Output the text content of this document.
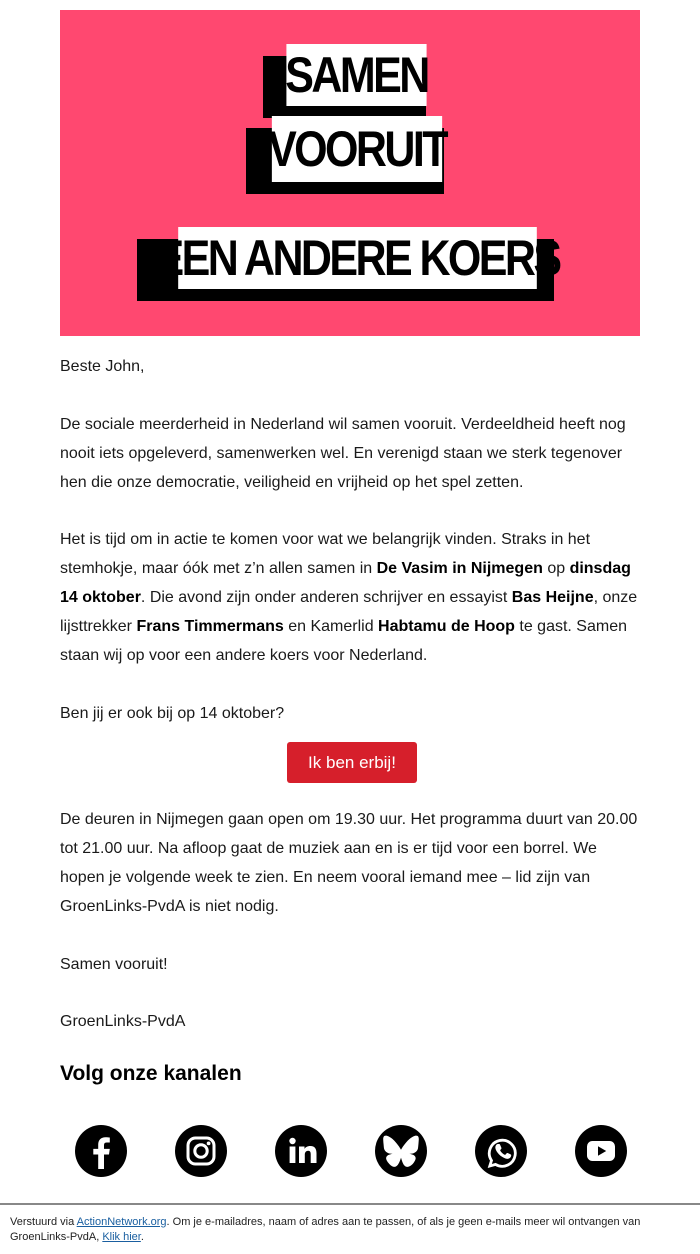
SAMEN
VOORUIT
EEN ANDERE KOERS

Beste John,

De sociale meerderheid in Nederland wil samen vooruit. Verdeeldheid heeft nog nooit iets opgeleverd, samenwerken wel. En verenigd staan we sterk tegenover hen die onze democratie, veiligheid en vrijheid op het spel zetten.

Het is tijd om in actie te komen voor wat we belangrijk vinden. Straks in het stemhokje, maar óók met z’n allen samen in De Vasim in Nijmegen op dinsdag 14 oktober. Die avond zijn onder anderen schrijver en essayist Bas Heijne, onze lijsttrekker Frans Timmermans en Kamerlid Habtamu de Hoop te gast. Samen staan wij op voor een andere koers voor Nederland.

Ben jij er ook bij op 14 oktober?

Ik ben erbij!

De deuren in Nijmegen gaan open om 19.30 uur. Het programma duurt van 20.00 tot 21.00 uur. Na afloop gaat de muziek aan en is er tijd voor een borrel. We hopen je volgende week te zien. En neem vooral iemand mee – lid zijn van GroenLinks-PvdA is niet nodig.

Samen vooruit!

GroenLinks-PvdA

Volg onze kanalen
Verstuurd via ActionNetwork.org. Om je e-mailadres, naam of adres aan te passen, of als je geen e-mails meer wil ontvangen van GroenLinks-PvdA, Klik hier.
